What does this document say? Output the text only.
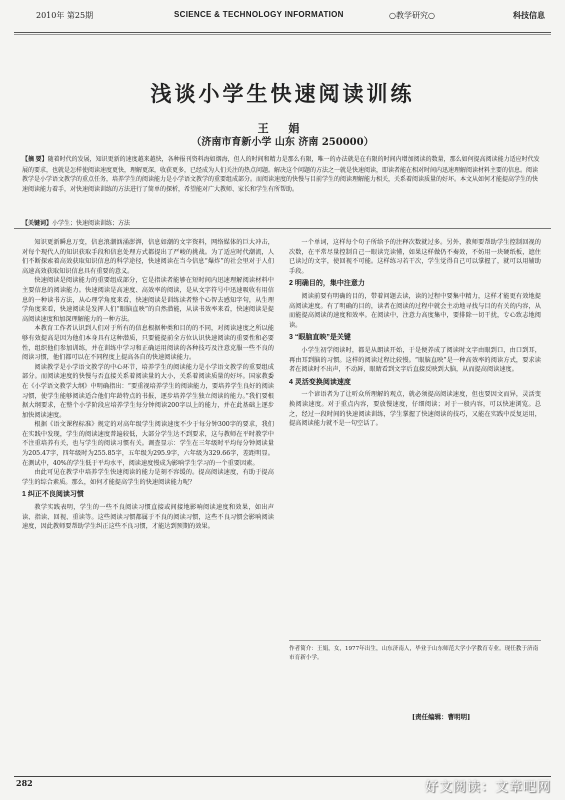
2010年 第25期	SCIENCE & TECHNOLOGY INFORMATION	○教学研究○	科技信息
浅谈小学生快速阅读训练
王 娟
（济南市育新小学 山东 济南 250000）
【摘 要】随着时代的发展，知识更新的速度越来越快，各种报刊资料海如烟海，但人的时间和精力是那么有限，唯一的办法就是在有限的时间内增加阅读的数量，那么如何提高阅读能力适应时代发展的要求，也就是怎样使阅读速度更快，理解更深，收获更多，已经成为人们关注的热点问题。解决这个问题的方法之一就是快速阅读，即读者能在相对时间内迅速理解阅读材料主要的信息。阅读教学是小学语文教学的重点任务，培养学生的阅读能力是小学语文教学的重要组成部分。而阅读速度的快慢与目前学生的阅读理解能力相关，关系着阅读质量的好坏。本文从如何才能提高学生的快速阅读能力着手，对快速阅读训练的方法进行了简单的探析，希望能对广大教师、家长和学生有所帮助。
【关键词】小学生；快速阅读训练；方法

知识更新瞬息万变，信息浪潮汹涌澎湃，信息如潮的文字资料，网络媒体的巨大冲击，对每个现代人的知识获取手段和信息处理方式都提出了严峻的挑战。为了适应时代潮流，人们不断探索着高效获取知识信息的科学途径，快速阅读在当今信息“爆炸”的社会里对于人们高速高效获取知识信息具有重要的意义。

快速阅读是阅读能力的重要组成部分，它是指读者能够在短时间内迅速理解阅读材料中主要信息的阅读能力。快速阅读是高速度、高效率的阅读，是从文字符号中迅速吸收有用信息的一种读书方法，从心理学角度来看，快速阅读是训练读者整个心智去感知字句，从生理学角度来看，快速阅读是发挥人们“眼脑直映”的自然潜能，从读书效率来看，快速阅读是提高阅读速度和加深理解能力的一种方法。

本教育工作者认识到人们对于所有的信息根据种类和目的的不同，对阅读速度之所以能够有效提高是因为他们本身具有这种潜质，只要能提前全方位认识快速阅读的重要性和必要性，组织他们参加训练，并在训练中学习和正确运用阅读的各种技巧及注意克服一些不良的阅读习惯，他们都可以在不同程度上提高各自的快速阅读能力。

阅读教学是小学语文教学的中心环节，培养学生的阅读能力是小学语文教学的重要组成部分。而阅读速度的快慢与否直接关系着阅读量的大小，关系着阅读质量的好坏。国家教委在《小学语文教学大纲》中明确指出：“要重视培养学生的阅读能力，要培养学生良好的阅读习惯，使学生能够阅读适合他们年龄特点的书报，逐步培养学生独立阅读的能力。”我们要根据大纲要求，在整个小学阶段应培养学生每分钟阅读200字以上的能力，并在此基础上逐步加快阅读速度。

根据《语文课程标准》规定的对高年级学生阅读速度不少于每分钟300字的要求，我们在实践中发现，学生的阅读速度普遍较低，大部分学生达不到要求，这与教师在平时教学中不注重培养有关，也与学生的阅读习惯有关。调查显示：学生在三年级时平均每分钟阅读量为205.47字，四年级时为255.85字，五年级为295.9字，六年级为329.66字，差距明显。在测试中，40%的学生低于平均水平，阅读速度慢成为影响学生学习的一个重要因素。

由此可见在教学中培养学生快速阅读的能力是刻不容缓的。提高阅读速度，有助于提高学生的综合素质。那么，如何才能提高学生的快速阅读能力呢？

1 纠正不良阅读习惯

教学实践表明，学生的一些不良阅读习惯直接或间接地影响阅读速度和效果，如出声读、指读、回视、重读等。这些阅读习惯都属于不良的阅读习惯，这些不良习惯会影响阅读速度，因此教师要帮助学生纠正这些不良习惯，才能达到预期的效果。

一个单词，这样每个句子所给予的注释次数就过多。另外，教师要帮助学生控制回视的次数，在平常尽量控制自己一眼读完读懂，如果这样做仍不奏效，不妨用一块硬纸板，遮住已读过的文字，使回视不可能。这样练习若干次，学生觉得自己可以掌握了，就可以用辅助手段。

2 明确目的，集中注意力

阅读前要有明确的目的，带着问题去读，读的过程中要集中精力，这样才能更有效地提高阅读速度。有了明确的目的，读者在阅读的过程中就会主动地寻找与目的有关的内容，从而能提高阅读的速度和效率。在阅读中，注意力高度集中，要排除一切干扰，专心致志地阅读。

3 “眼脑直映”是关键

小学生初学阅读时，都是从朗读开始，于是便养成了阅读时文字由眼到口，由口到耳，再由耳到脑的习惯。这样的阅读过程比较慢。“眼脑直映”是一种高效率的阅读方式，要求读者在阅读时不出声，不动唇，眼睛看到文字后直接反映到大脑，从而提高阅读速度。

4 灵活变换阅读速度

一个谚语者为了让听众所理解的观点，就必须提高阅读速度，但也要因文而异，灵活变换阅读速度。对于重点内容，要放慢速度，仔细阅读；对于一般内容，可以快速浏览。总之，经过一段时间的快速阅读训练，学生掌握了快速阅读的技巧，又能在实践中反复运用，提高阅读能力就不是一句空话了。

作者简介：王娟，女，1977年出生，山东济南人，毕业于山东师范大学小学教育专业。现任教于济南市育新小学。
[责任编辑：曹明明]
282	好文阅读：文章吧网
